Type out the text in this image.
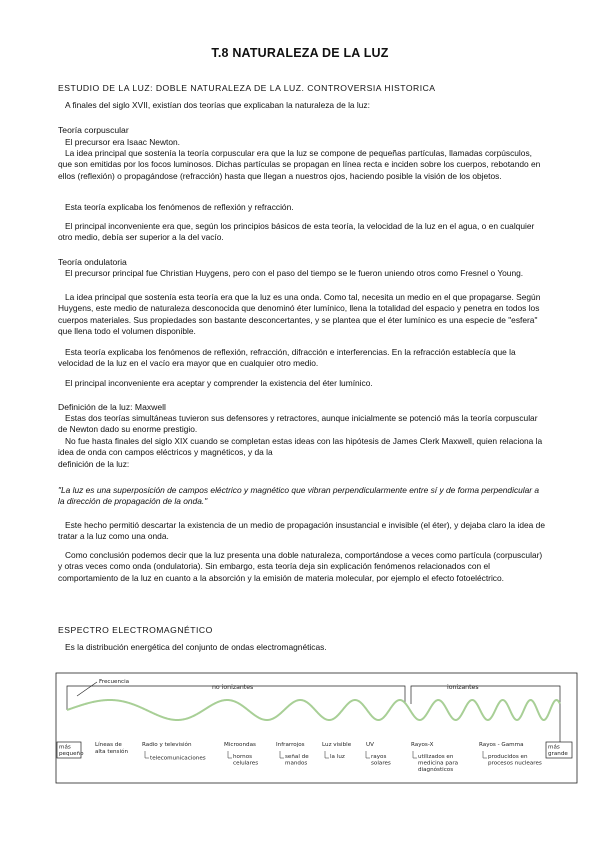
T.8 NATURALEZA DE LA LUZ

ESTUDIO DE LA LUZ: DOBLE NATURALEZA DE LA LUZ. CONTROVERSIA HISTORICA

A finales del siglo XVII, existían dos teorías que explicaban la naturaleza de la luz:

Teoría corpuscular

El precursor era Isaac Newton.

La idea principal que sostenía la teoría corpuscular era que la luz se compone de pequeñas partículas, llamadas corpúsculos, que son emitidas por los focos luminosos. Dichas partículas se propagan en línea recta e inciden sobre los cuerpos, rebotando en ellos (reflexión) o propagándose (refracción) hasta que llegan a nuestros ojos, haciendo posible la visión de los objetos.

Esta teoría explicaba los fenómenos de reflexión y refracción.

El principal inconveniente era que, según los principios básicos de esta teoría, la velocidad de la luz en el agua, o en cualquier otro medio, debía ser superior a la del vacío.

Teoría ondulatoria

El precursor principal fue Christian Huygens, pero con el paso del tiempo se le fueron uniendo otros como Fresnel o Young.

La idea principal que sostenía esta teoría era que la luz es una onda. Como tal, necesita un medio en el que propagarse. Según Huygens, este medio de naturaleza desconocida que denominó éter lumínico, llena la totalidad del espacio y penetra en todos los cuerpos materiales. Sus propiedades son bastante desconcertantes, y se plantea que el éter lumínico es una especie de "esfera" que llena todo el volumen disponible.

Esta teoría explicaba los fenómenos de reflexión, refracción, difracción e interferencias. En la refracción establecía que la velocidad de la luz en el vacío era mayor que en cualquier otro medio.

El principal inconveniente era aceptar y comprender la existencia del éter lumínico.

Definición de la luz: Maxwell

Estas dos teorías simultáneas tuvieron sus defensores y retractores, aunque inicialmente se potenció más la teoría corpuscular de Newton dado su enorme prestigio.

No fue hasta finales del siglo XIX cuando se completan estas ideas con las hipótesis de James Clerk Maxwell, quien relaciona la idea de onda con campos eléctricos y magnéticos, y da la
definición de la luz:

"La luz es una superposición de campos eléctrico y magnético que vibran perpendicularmente entre sí y de forma perpendicular a la dirección de propagación de la onda."

Este hecho permitió descartar la existencia de un medio de propagación insustancial e invisible (el éter), y dejaba claro la idea de tratar a la luz como una onda.

Como conclusión podemos decir que la luz presenta una doble naturaleza, comportándose a veces como partícula (corpuscular) y otras veces como onda (ondulatoria). Sin embargo, esta teoría deja sin explicación fenómenos relacionados con el comportamiento de la luz en cuanto a la absorción y la emisión de materia molecular, por ejemplo el efecto fotoeléctrico.

ESPECTRO ELECTROMAGNÉTICO

Es la distribución energética del conjunto de ondas electromagnéticas.

Frecuencia
no ionizantes	ionizantes
más
pequeño
más
grande
Líneas de
alta tensión
Radio y televisión
telecomunicaciones
Microondas
hornos
celulares
Infrarrojos
señal de
mandos
Luz visible
la luz
UV
rayos
solares
Rayos-X
utilizados en
medicina para
diagnósticos
Rayos - Gamma
producidos en
procesos nucleares
